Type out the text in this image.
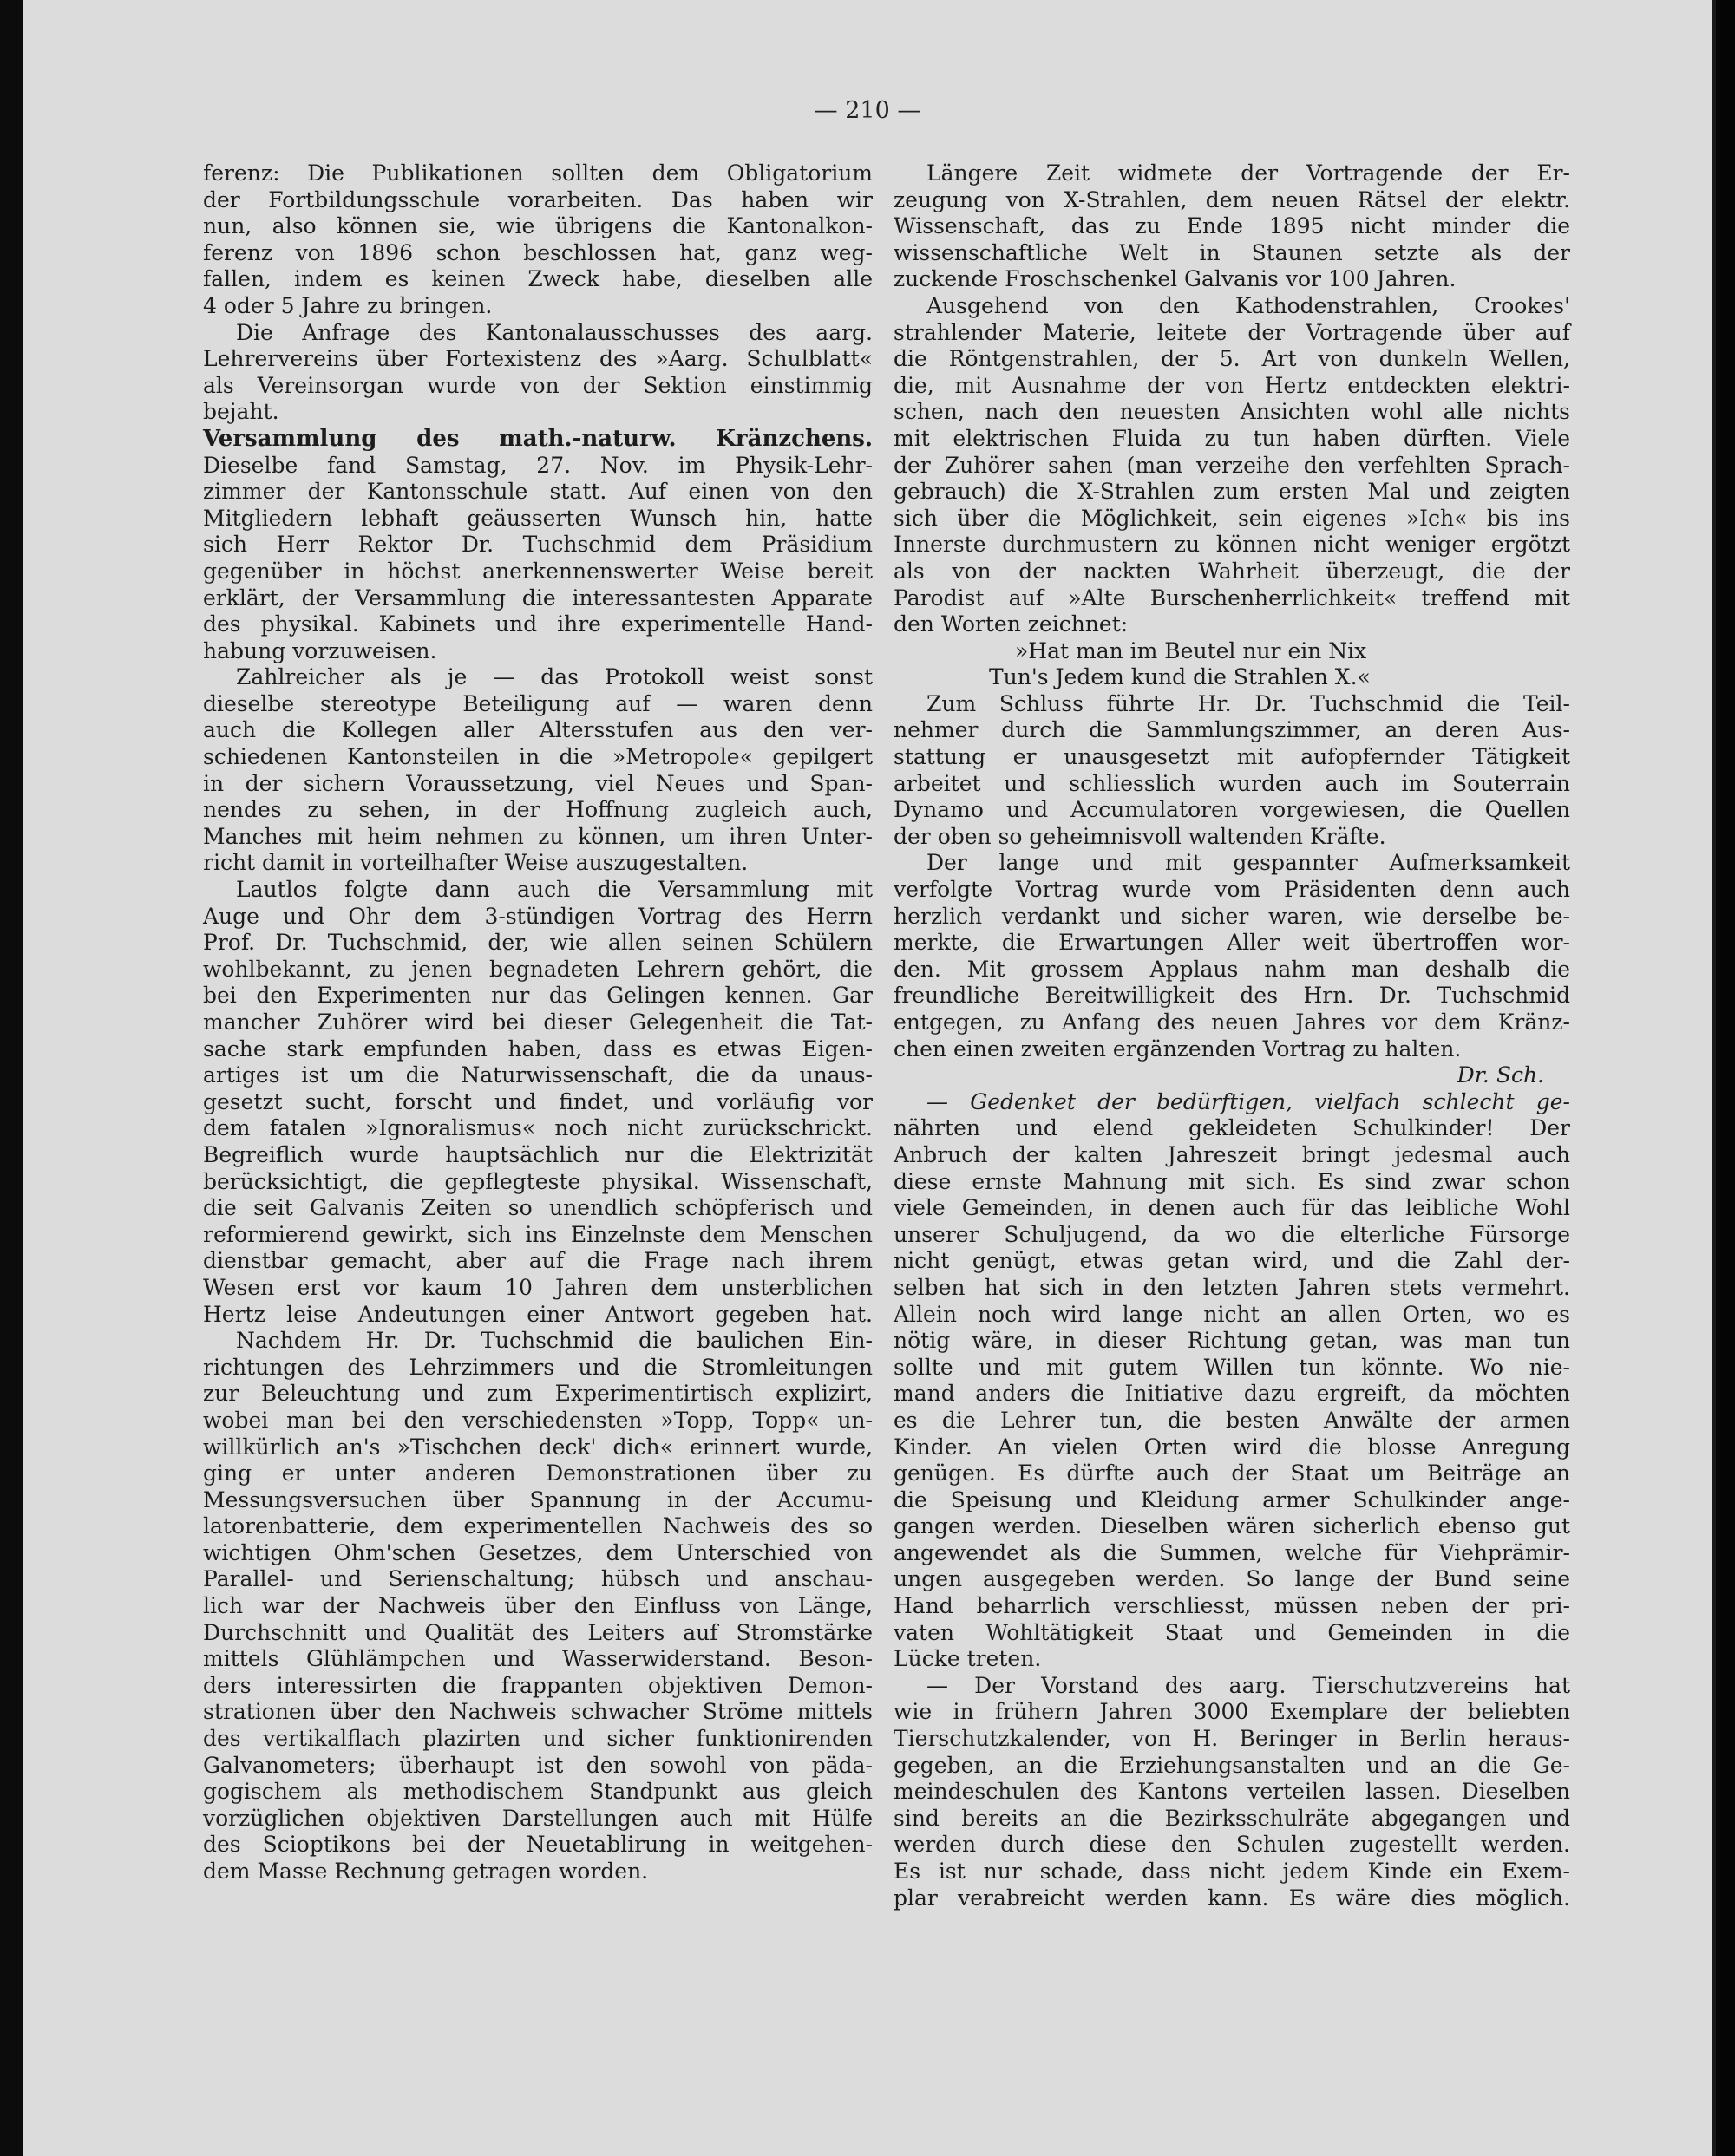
— 210 —
ferenz: Die Publikationen sollten dem Obligatorium
der Fortbildungsschule vorarbeiten. Das haben wir
nun, also können sie, wie übrigens die Kantonalkon-
ferenz von 1896 schon beschlossen hat, ganz weg-
fallen, indem es keinen Zweck habe, dieselben alle
4 oder 5 Jahre zu bringen.
Die Anfrage des Kantonalausschusses des aarg.
Lehrervereins über Fortexistenz des »Aarg. Schulblatt«
als Vereinsorgan wurde von der Sektion einstimmig
bejaht.
Versammlung des math.-naturw. Kränzchens.
Dieselbe fand Samstag, 27. Nov. im Physik-Lehr-
zimmer der Kantonsschule statt. Auf einen von den
Mitgliedern lebhaft geäusserten Wunsch hin, hatte
sich Herr Rektor Dr. Tuchschmid dem Präsidium
gegenüber in höchst anerkennenswerter Weise bereit
erklärt, der Versammlung die interessantesten Apparate
des physikal. Kabinets und ihre experimentelle Hand-
habung vorzuweisen.
Zahlreicher als je — das Protokoll weist sonst
dieselbe stereotype Beteiligung auf — waren denn
auch die Kollegen aller Altersstufen aus den ver-
schiedenen Kantonsteilen in die »Metropole« gepilgert
in der sichern Voraussetzung, viel Neues und Span-
nendes zu sehen, in der Hoffnung zugleich auch,
Manches mit heim nehmen zu können, um ihren Unter-
richt damit in vorteilhafter Weise auszugestalten.
Lautlos folgte dann auch die Versammlung mit
Auge und Ohr dem 3-stündigen Vortrag des Herrn
Prof. Dr. Tuchschmid, der, wie allen seinen Schülern
wohlbekannt, zu jenen begnadeten Lehrern gehört, die
bei den Experimenten nur das Gelingen kennen. Gar
mancher Zuhörer wird bei dieser Gelegenheit die Tat-
sache stark empfunden haben, dass es etwas Eigen-
artiges ist um die Naturwissenschaft, die da unaus-
gesetzt sucht, forscht und findet, und vorläufig vor
dem fatalen »Ignoralismus« noch nicht zurückschrickt.
Begreiflich wurde hauptsächlich nur die Elektrizität
berücksichtigt, die gepflegteste physikal. Wissenschaft,
die seit Galvanis Zeiten so unendlich schöpferisch und
reformierend gewirkt, sich ins Einzelnste dem Menschen
dienstbar gemacht, aber auf die Frage nach ihrem
Wesen erst vor kaum 10 Jahren dem unsterblichen
Hertz leise Andeutungen einer Antwort gegeben hat.
Nachdem Hr. Dr. Tuchschmid die baulichen Ein-
richtungen des Lehrzimmers und die Stromleitungen
zur Beleuchtung und zum Experimentirtisch explizirt,
wobei man bei den verschiedensten »Topp, Topp« un-
willkürlich an's »Tischchen deck' dich« erinnert wurde,
ging er unter anderen Demonstrationen über zu
Messungsversuchen über Spannung in der Accumu-
latorenbatterie, dem experimentellen Nachweis des so
wichtigen Ohm'schen Gesetzes, dem Unterschied von
Parallel- und Serienschaltung; hübsch und anschau-
lich war der Nachweis über den Einfluss von Länge,
Durchschnitt und Qualität des Leiters auf Stromstärke
mittels Glühlämpchen und Wasserwiderstand. Beson-
ders interessirten die frappanten objektiven Demon-
strationen über den Nachweis schwacher Ströme mittels
des vertikalflach plazirten und sicher funktionirenden
Galvanometers; überhaupt ist den sowohl von päda-
gogischem als methodischem Standpunkt aus gleich
vorzüglichen objektiven Darstellungen auch mit Hülfe
des Scioptikons bei der Neuetablirung in weitgehen-
dem Masse Rechnung getragen worden.
Längere Zeit widmete der Vortragende der Er-
zeugung von X-Strahlen, dem neuen Rätsel der elektr.
Wissenschaft, das zu Ende 1895 nicht minder die
wissenschaftliche Welt in Staunen setzte als der
zuckende Froschschenkel Galvanis vor 100 Jahren.
Ausgehend von den Kathodenstrahlen, Crookes'
strahlender Materie, leitete der Vortragende über auf
die Röntgenstrahlen, der 5. Art von dunkeln Wellen,
die, mit Ausnahme der von Hertz entdeckten elektri-
schen, nach den neuesten Ansichten wohl alle nichts
mit elektrischen Fluida zu tun haben dürften. Viele
der Zuhörer sahen (man verzeihe den verfehlten Sprach-
gebrauch) die X-Strahlen zum ersten Mal und zeigten
sich über die Möglichkeit, sein eigenes »Ich« bis ins
Innerste durchmustern zu können nicht weniger ergötzt
als von der nackten Wahrheit überzeugt, die der
Parodist auf »Alte Burschenherrlichkeit« treffend mit
den Worten zeichnet:
»Hat man im Beutel nur ein Nix
Tun's Jedem kund die Strahlen X.«
Zum Schluss führte Hr. Dr. Tuchschmid die Teil-
nehmer durch die Sammlungszimmer, an deren Aus-
stattung er unausgesetzt mit aufopfernder Tätigkeit
arbeitet und schliesslich wurden auch im Souterrain
Dynamo und Accumulatoren vorgewiesen, die Quellen
der oben so geheimnisvoll waltenden Kräfte.
Der lange und mit gespannter Aufmerksamkeit
verfolgte Vortrag wurde vom Präsidenten denn auch
herzlich verdankt und sicher waren, wie derselbe be-
merkte, die Erwartungen Aller weit übertroffen wor-
den. Mit grossem Applaus nahm man deshalb die
freundliche Bereitwilligkeit des Hrn. Dr. Tuchschmid
entgegen, zu Anfang des neuen Jahres vor dem Kränz-
chen einen zweiten ergänzenden Vortrag zu halten.
Dr. Sch.
— Gedenket der bedürftigen, vielfach schlecht ge-
nährten und elend gekleideten Schulkinder! Der
Anbruch der kalten Jahreszeit bringt jedesmal auch
diese ernste Mahnung mit sich. Es sind zwar schon
viele Gemeinden, in denen auch für das leibliche Wohl
unserer Schuljugend, da wo die elterliche Fürsorge
nicht genügt, etwas getan wird, und die Zahl der-
selben hat sich in den letzten Jahren stets vermehrt.
Allein noch wird lange nicht an allen Orten, wo es
nötig wäre, in dieser Richtung getan, was man tun
sollte und mit gutem Willen tun könnte. Wo nie-
mand anders die Initiative dazu ergreift, da möchten
es die Lehrer tun, die besten Anwälte der armen
Kinder. An vielen Orten wird die blosse Anregung
genügen. Es dürfte auch der Staat um Beiträge an
die Speisung und Kleidung armer Schulkinder ange-
gangen werden. Dieselben wären sicherlich ebenso gut
angewendet als die Summen, welche für Viehprämir-
ungen ausgegeben werden. So lange der Bund seine
Hand beharrlich verschliesst, müssen neben der pri-
vaten Wohltätigkeit Staat und Gemeinden in die
Lücke treten.
— Der Vorstand des aarg. Tierschutzvereins hat
wie in frühern Jahren 3000 Exemplare der beliebten
Tierschutzkalender, von H. Beringer in Berlin heraus-
gegeben, an die Erziehungsanstalten und an die Ge-
meindeschulen des Kantons verteilen lassen. Dieselben
sind bereits an die Bezirksschulräte abgegangen und
werden durch diese den Schulen zugestellt werden.
Es ist nur schade, dass nicht jedem Kinde ein Exem-
plar verabreicht werden kann. Es wäre dies möglich.
